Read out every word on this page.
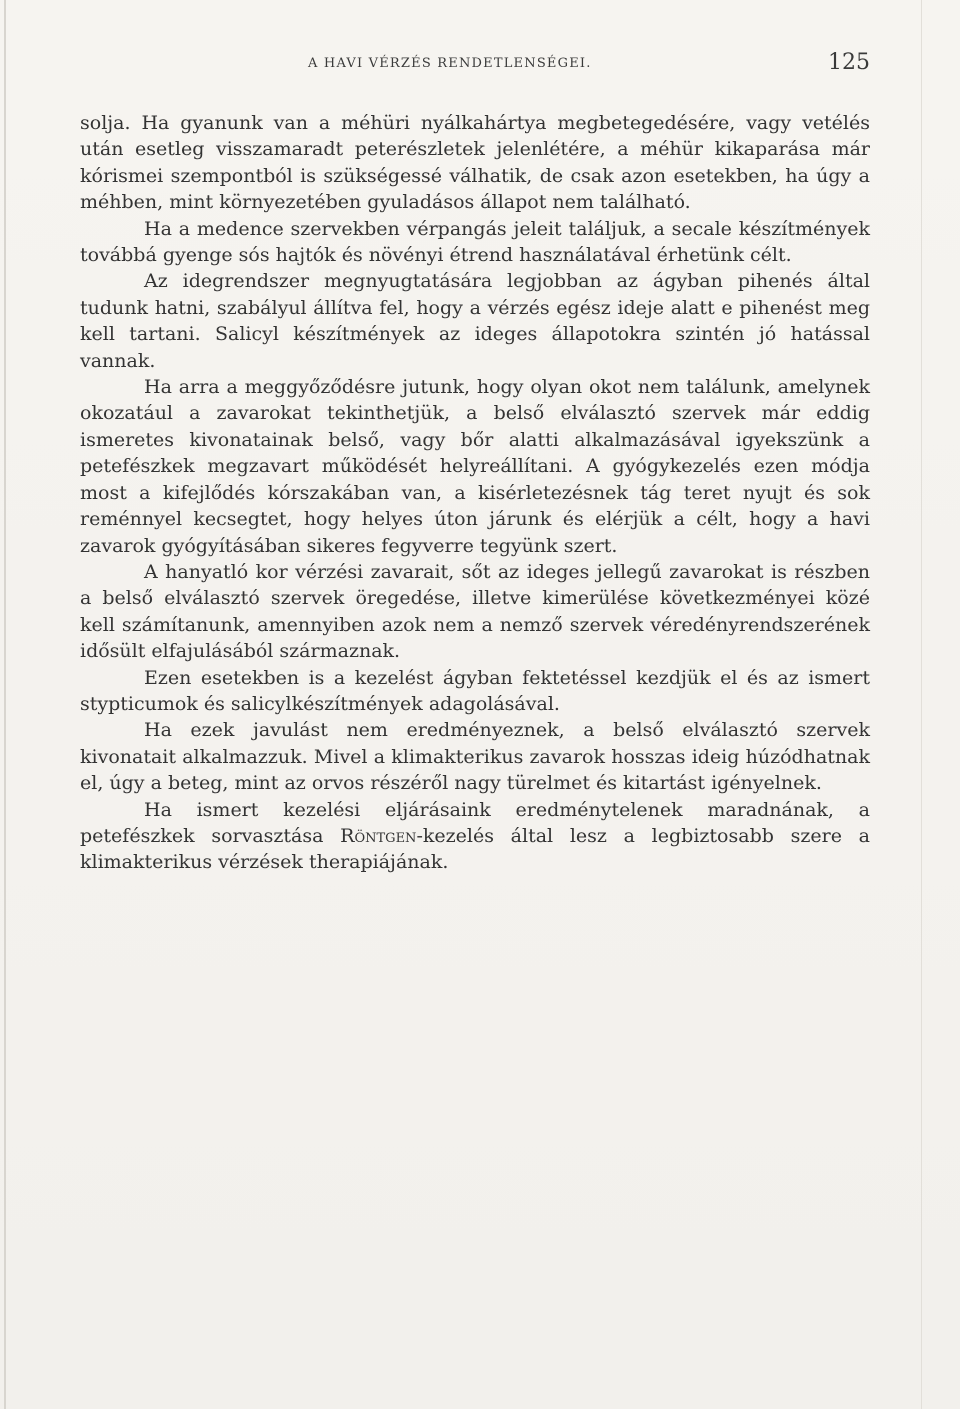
A HAVI VÉRZÉS RENDETLENSÉGEI.	125

solja. Ha gyanunk van a méhüri nyálkahártya megbetegedésére, vagy vetélés után esetleg visszamaradt peterészletek jelenlétére, a méhür kikaparása már kórismei szempontból is szükségessé válhatik, de csak azon esetekben, ha úgy a méhben, mint környezetében gyuladásos állapot nem található.

Ha a medence szervekben vérpangás jeleit találjuk, a secale készítmények továbbá gyenge sós hajtók és növényi étrend használatával érhetünk célt.

Az idegrendszer megnyugtatására legjobban az ágyban pihenés által tudunk hatni, szabályul állítva fel, hogy a vérzés egész ideje alatt e pihenést meg kell tartani. Salicyl készítmények az ideges állapotokra szintén jó hatással vannak.

Ha arra a meggyőződésre jutunk, hogy olyan okot nem találunk, amelynek okozatául a zavarokat tekinthetjük, a belső elválasztó szervek már eddig ismeretes kivonatainak belső, vagy bőr alatti alkalmazásával igyekszünk a petefészkek megzavart működését helyreállítani. A gyógykezelés ezen módja most a kifejlődés kórszakában van, a kisérletezésnek tág teret nyujt és sok reménnyel kecsegtet, hogy helyes úton járunk és elérjük a célt, hogy a havi zavarok gyógyításában sikeres fegyverre tegyünk szert.

A hanyatló kor vérzési zavarait, sőt az ideges jellegű zavarokat is részben a belső elválasztó szervek öregedése, illetve kimerülése következményei közé kell számítanunk, amennyiben azok nem a nemző szervek véredényrendszerének idősült elfajulásából származnak.

Ezen esetekben is a kezelést ágyban fektetéssel kezdjük el és az ismert stypticumok és salicylkészítmények adagolásával.

Ha ezek javulást nem eredményeznek, a belső elválasztó szervek kivonatait alkalmazzuk. Mivel a klimakterikus zavarok hosszas ideig húzódhatnak el, úgy a beteg, mint az orvos részéről nagy türelmet és kitartást igényelnek.

Ha ismert kezelési eljárásaink eredménytelenek maradnának, a petefészkek sorvasztása Röntgen-kezelés által lesz a legbiztosabb szere a klimakterikus vérzések therapiájának.
